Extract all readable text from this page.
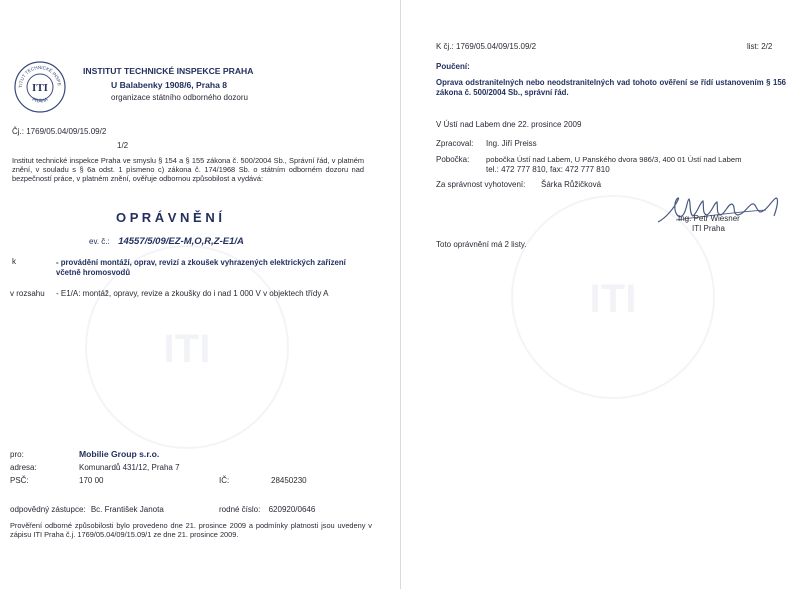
ITI
TITUT TECHNICKÉ INSPE
PRAHA
ITI
INSTITUT TECHNICKÉ INSPEKCE PRAHA
U Balabenky 1908/6, Praha 8
organizace státního odborného dozoru
Čj.: 1769/05.04/09/15.09/2
1/2
Institut technické inspekce Praha ve smyslu § 154 a § 155 zákona č. 500/2004 Sb., Správní řád, v platném znění, v souladu s § 6a odst. 1 písmeno c) zákona č. 174/1968 Sb. o státním odborném dozoru nad bezpečností práce, v platném znění, ověřuje odbornou způsobilost a vydává:
O P R Á V N Ě N Í
ev. č.: 14557/5/09/EZ-M,O,R,Z-E1/A
k	- provádění montáží, oprav, revizí a zkoušek vyhrazených elektrických zařízení včetně hromosvodů
v rozsahu - E1/A: montáž, opravy, revize a zkoušky do i nad 1 000 V v objektech třídy A
pro:	Mobilie Group s.r.o.
adresa:	Komunardů 431/12, Praha 7
PSČ:	170 00	IČ:	28450230
odpovědný zástupce: Bc. František Janota	rodné číslo: 620920/0646
Prověření odborné způsobilosti bylo provedeno dne 21. prosince 2009 a podmínky platnosti jsou uvedeny v zápisu ITI Praha č.j. 1769/05.04/09/15.09/1 ze dne 21. prosince 2009.
ITI
K čj.: 1769/05.04/09/15.09/2	list: 2/2
Poučení:
Oprava odstranitelných nebo neodstranitelných vad tohoto ověření se řídí ustanovením § 156 zákona č. 500/2004 Sb., správní řád.
V Ústí nad Labem dne 22. prosince 2009
Zpracoval: Ing. Jiří Preiss
Pobočka: pobočka Ústí nad Labem, U Panského dvora 986/3, 400 01 Ústí nad Labem
tel.: 472 777 810, fax: 472 777 810
Za správnost vyhotovení: Šárka Růžičková
Ing. Petr Wiesner
ITI Praha
Toto oprávnění má 2 listy.
